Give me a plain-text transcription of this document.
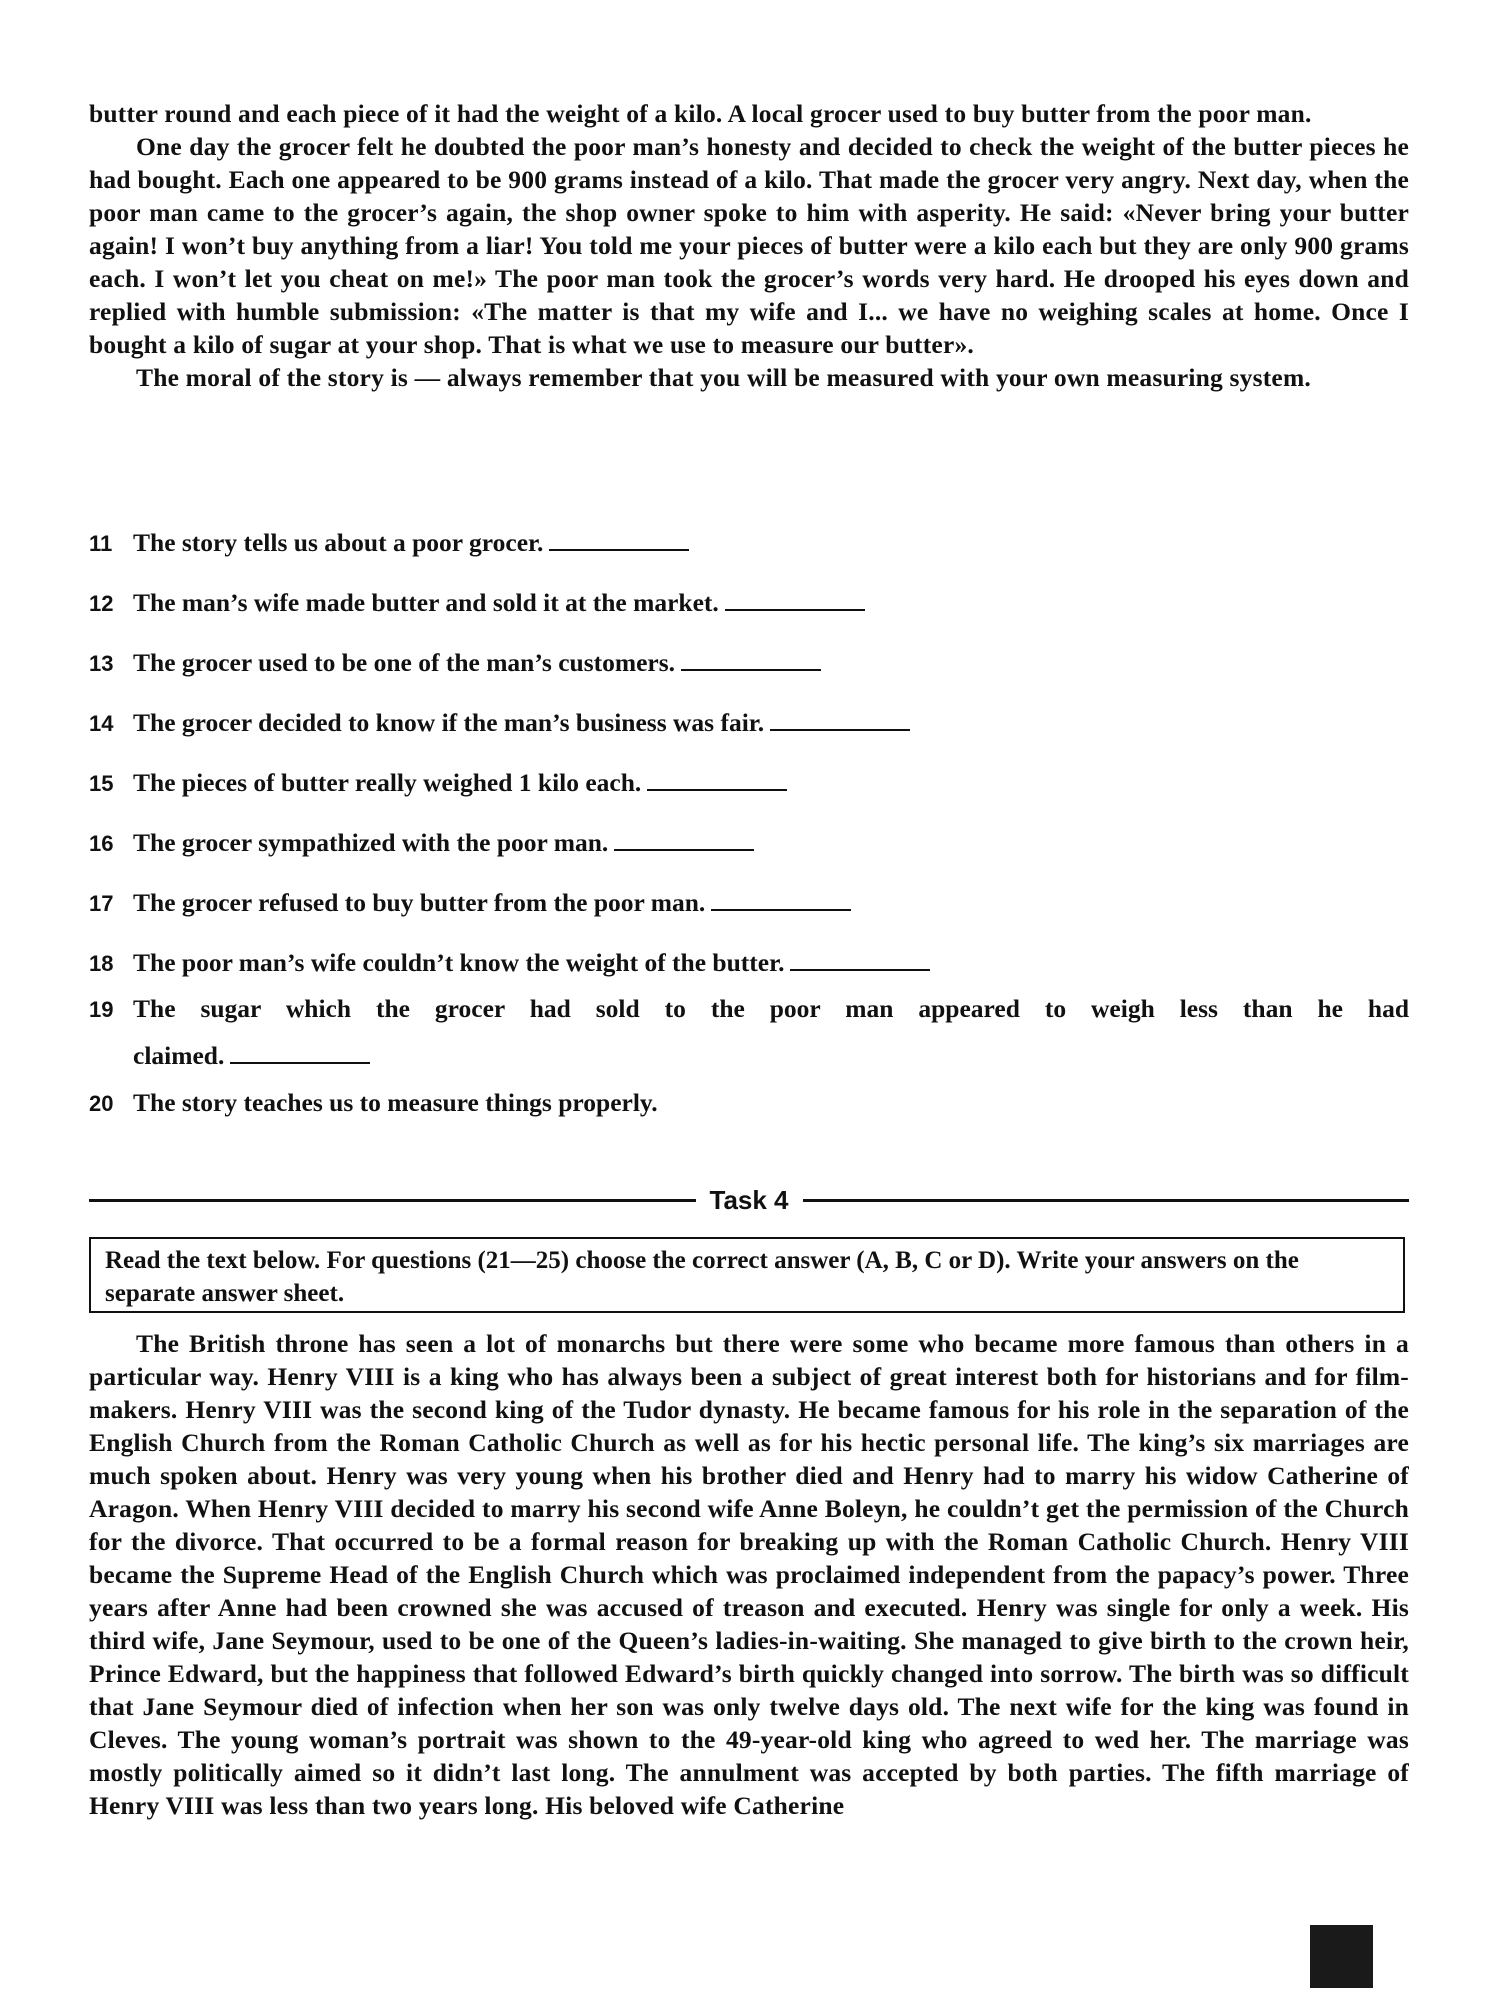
butter round and each piece of it had the weight of a kilo. A local grocer used to buy butter from the poor man.

One day the grocer felt he doubted the poor man’s honesty and decided to check the weight of the butter pieces he had bought. Each one appeared to be 900 grams instead of a kilo. That made the grocer very angry. Next day, when the poor man came to the grocer’s again, the shop owner spoke to him with asperity. He said: «Never bring your butter again! I won’t buy anything from a liar! You told me your pieces of butter were a kilo each but they are only 900 grams each. I won’t let you cheat on me!» The poor man took the grocer’s words very hard. He drooped his eyes down and replied with humble submission: «The matter is that my wife and I... we have no weighing scales at home. Once I bought a kilo of sugar at your shop. That is what we use to measure our butter».

The moral of the story is — always remember that you will be measured with your own measuring system.

11 The story tells us about a poor grocer.
12 The man’s wife made butter and sold it at the market.
13 The grocer used to be one of the man’s customers.
14 The grocer decided to know if the man’s business was fair.
15 The pieces of butter really weighed 1 kilo each.
16 The grocer sympathized with the poor man.
17 The grocer refused to buy butter from the poor man.
18 The poor man’s wife couldn’t know the weight of the butter.
19 The sugar which the grocer had sold to the poor man appeared to weigh less than he had
claimed.
20 The story teaches us to measure things properly.
Task 4
Read the text below. For questions (21—25) choose the correct answer (A, B, C or D). Write your answers on the separate answer sheet.

The British throne has seen a lot of monarchs but there were some who became more famous than others in a particular way. Henry VIII is a king who has always been a subject of great interest both for historians and for film-makers. Henry VIII was the second king of the Tudor dynasty. He became famous for his role in the separation of the English Church from the Roman Catholic Church as well as for his hectic personal life. The king’s six marriages are much spoken about. Henry was very young when his brother died and Henry had to marry his widow Catherine of Aragon. When Henry VIII decided to marry his second wife Anne Boleyn, he couldn’t get the permission of the Church for the divorce. That occurred to be a formal reason for breaking up with the Roman Catholic Church. Henry VIII became the Supreme Head of the English Church which was proclaimed independent from the papacy’s power. Three years after Anne had been crowned she was accused of treason and executed. Henry was single for only a week. His third wife, Jane Seymour, used to be one of the Queen’s ladies-in-waiting. She managed to give birth to the crown heir, Prince Edward, but the happiness that followed Edward’s birth quickly changed into sorrow. The birth was so difficult that Jane Seymour died of infection when her son was only twelve days old. The next wife for the king was found in Cleves. The young woman’s portrait was shown to the 49-year-old king who agreed to wed her. The marriage was mostly politically aimed so it didn’t last long. The annulment was accepted by both parties. The fifth marriage of Henry VIII was less than two years long. His beloved wife Catherine
